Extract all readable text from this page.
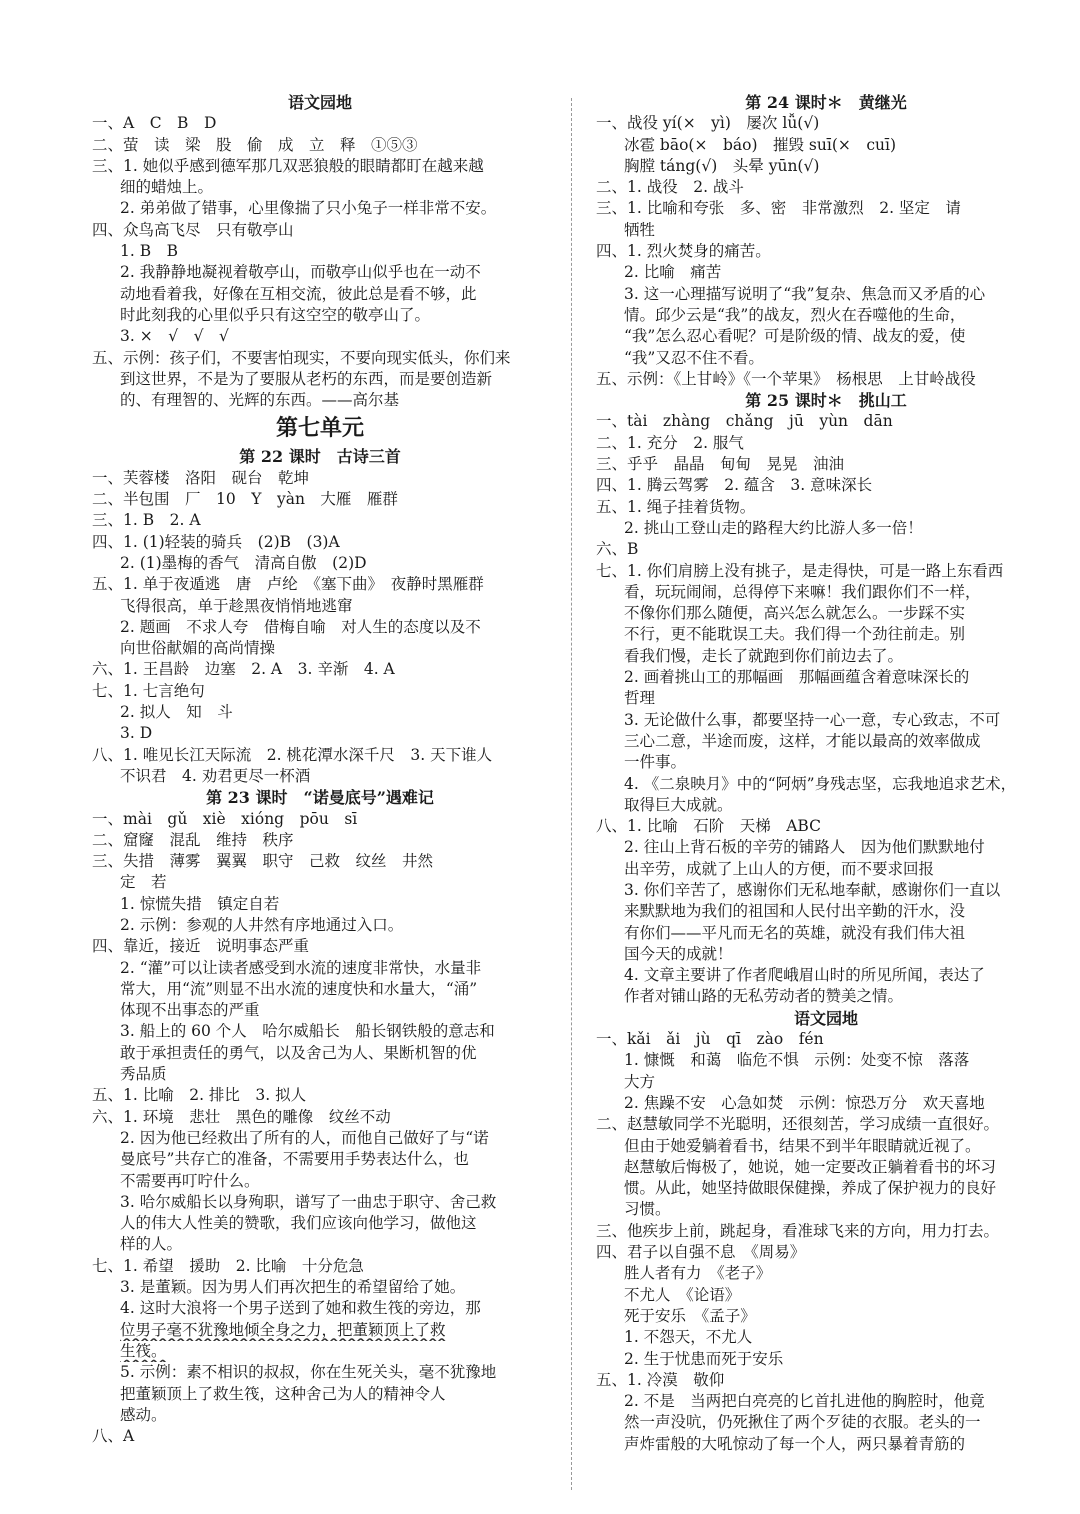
语文园地
一、A　C　B　D
二、萤　读　梁　股　偷　成　立　释　①⑤③
三、1. 她似乎感到德军那几双恶狼般的眼睛都盯在越来越
细的蜡烛上。
2. 弟弟做了错事，心里像揣了只小兔子一样非常不安。
四、众鸟高飞尽　只有敬亭山
1. B　B
2. 我静静地凝视着敬亭山，而敬亭山似乎也在一动不
动地看着我，好像在互相交流，彼此总是看不够，此
时此刻我的心里似乎只有这空空的敬亭山了。
3. ×　√　√　√
五、示例：孩子们，不要害怕现实，不要向现实低头，你们来
到这世界，不是为了要服从老朽的东西，而是要创造新
的、有理智的、光辉的东西。——高尔基
第七单元
第 22 课时　古诗三首
一、芙蓉楼　洛阳　砚台　乾坤
二、半包围　厂　10　Y　yàn　大雁　雁群
三、1. B　2. A
四、1. (1)轻装的骑兵　(2)B　(3)A
2. (1)墨梅的香气　清高自傲　(2)D
五、1. 单于夜遁逃　唐　卢纶　《塞下曲》　夜静时黑雁群
飞得很高，单于趁黑夜悄悄地逃窜
2. 题画　不求人夸　借梅自喻　对人生的态度以及不
向世俗献媚的高尚情操
六、1. 王昌龄　边塞　2. A　3. 辛渐　4. A
七、1. 七言绝句
2. 拟人　知　斗
3. D
八、1. 唯见长江天际流　2. 桃花潭水深千尺　3. 天下谁人
不识君　4. 劝君更尽一杯酒
第 23 课时　“诺曼底号”遇难记
一、mài　gǔ　xiè　xióng　pōu　sī
二、窟窿　混乱　维持　秩序
三、失措　薄雾　翼翼　职守　己救　纹丝　井然
定　若
1. 惊慌失措　镇定自若
2. 示例：参观的人井然有序地通过入口。
四、靠近，接近　说明事态严重
2. “灌”可以让读者感受到水流的速度非常快，水量非
常大，用“流”则显不出水流的速度快和水量大，“涌”
体现不出事态的严重
3. 船上的 60 个人　哈尔威船长　船长钢铁般的意志和
敢于承担责任的勇气，以及舍己为人、果断机智的优
秀品质
五、1. 比喻　2. 排比　3. 拟人
六、1. 环境　悲壮　黑色的雕像　纹丝不动
2. 因为他已经救出了所有的人，而他自己做好了与“诺
曼底号”共存亡的准备，不需要用手势表达什么，也
不需要再叮咛什么。
3. 哈尔威船长以身殉职，谱写了一曲忠于职守、舍己救
人的伟大人性美的赞歌，我们应该向他学习，做他这
样的人。
七、1. 希望　援助　2. 比喻　十分危急
3. 是董颖。因为男人们再次把生的希望留给了她。
4. 这时大浪将一个男子送到了她和救生筏的旁边，那
位男子毫不犹豫地倾全身之力，把董颖顶上了救
生筏。
5. 示例：素不相识的叔叔，你在生死关头，毫不犹豫地
把董颖顶上了救生筏，这种舍己为人的精神令人
感动。
八、A
第 24 课时＊　黄继光
一、战役 yí(×　yì)　屡次 lǚ(√)
冰雹 bāo(×　báo)　摧毁 suī(×　cuī)
胸膛 táng(√)　头晕 yūn(√)
二、1. 战役　2. 战斗
三、1. 比喻和夸张　多、密　非常激烈　2. 坚定　请
牺牲
四、1. 烈火焚身的痛苦。
2. 比喻　痛苦
3. 这一心理描写说明了“我”复杂、焦急而又矛盾的心
情。邱少云是“我”的战友，烈火在吞噬他的生命，
“我”怎么忍心看呢？可是阶级的情、战友的爱，使
“我”又忍不住不看。
五、示例：《上甘岭》《一个苹果》　杨根思　上甘岭战役
第 25 课时＊　挑山工
一、tài　zhàng　chǎng　jū　yùn　dān
二、1. 充分　2. 服气
三、乎乎　晶晶　甸甸　晃晃　油油
四、1. 腾云驾雾　2. 蕴含　3. 意味深长
五、1. 绳子挂着货物。
2. 挑山工登山走的路程大约比游人多一倍！
六、B
七、1. 你们肩膀上没有挑子，是走得快，可是一路上东看西
看，玩玩闹闹，总得停下来嘛！我们跟你们不一样，
不像你们那么随便，高兴怎么就怎么。一步踩不实
不行，更不能耽误工夫。我们得一个劲往前走。别
看我们慢，走长了就跑到你们前边去了。
2. 画着挑山工的那幅画　那幅画蕴含着意味深长的
哲理
3. 无论做什么事，都要坚持一心一意，专心致志，不可
三心二意，半途而废，这样，才能以最高的效率做成
一件事。
4. 《二泉映月》中的“阿炳”身残志坚，忘我地追求艺术，
取得巨大成就。
八、1. 比喻　石阶　天梯　ABC
2. 往山上背石板的辛劳的铺路人　因为他们默默地付
出辛劳，成就了上山人的方便，而不要求回报
3. 你们辛苦了，感谢你们无私地奉献，感谢你们一直以
来默默地为我们的祖国和人民付出辛勤的汗水，没
有你们——平凡而无名的英雄，就没有我们伟大祖
国今天的成就！
4. 文章主要讲了作者爬峨眉山时的所见所闻，表达了
作者对铺山路的无私劳动者的赞美之情。
语文园地
一、kǎi　ǎi　jù　qī　zào　fén
1. 慷慨　和蔼　临危不惧　示例：处变不惊　落落
大方
2. 焦躁不安　心急如焚　示例：惊恐万分　欢天喜地
二、赵慧敏同学不光聪明，还很刻苦，学习成绩一直很好。
但由于她爱躺着看书，结果不到半年眼睛就近视了。
赵慧敏后悔极了，她说，她一定要改正躺着看书的坏习
惯。从此，她坚持做眼保健操，养成了保护视力的良好
习惯。
三、他疾步上前，跳起身，看准球飞来的方向，用力打去。
四、君子以自强不息　《周易》
胜人者有力　《老子》
不尤人　《论语》
死于安乐　《孟子》
1. 不怨天，不尤人
2. 生于忧患而死于安乐
五、1. 冷漠　敬仰
2. 不是　当两把白亮亮的匕首扎进他的胸腔时，他竟
然一声没吭，仍死揪住了两个歹徒的衣服。老头的一
声炸雷般的大吼惊动了每一个人，两只暴着青筋的
